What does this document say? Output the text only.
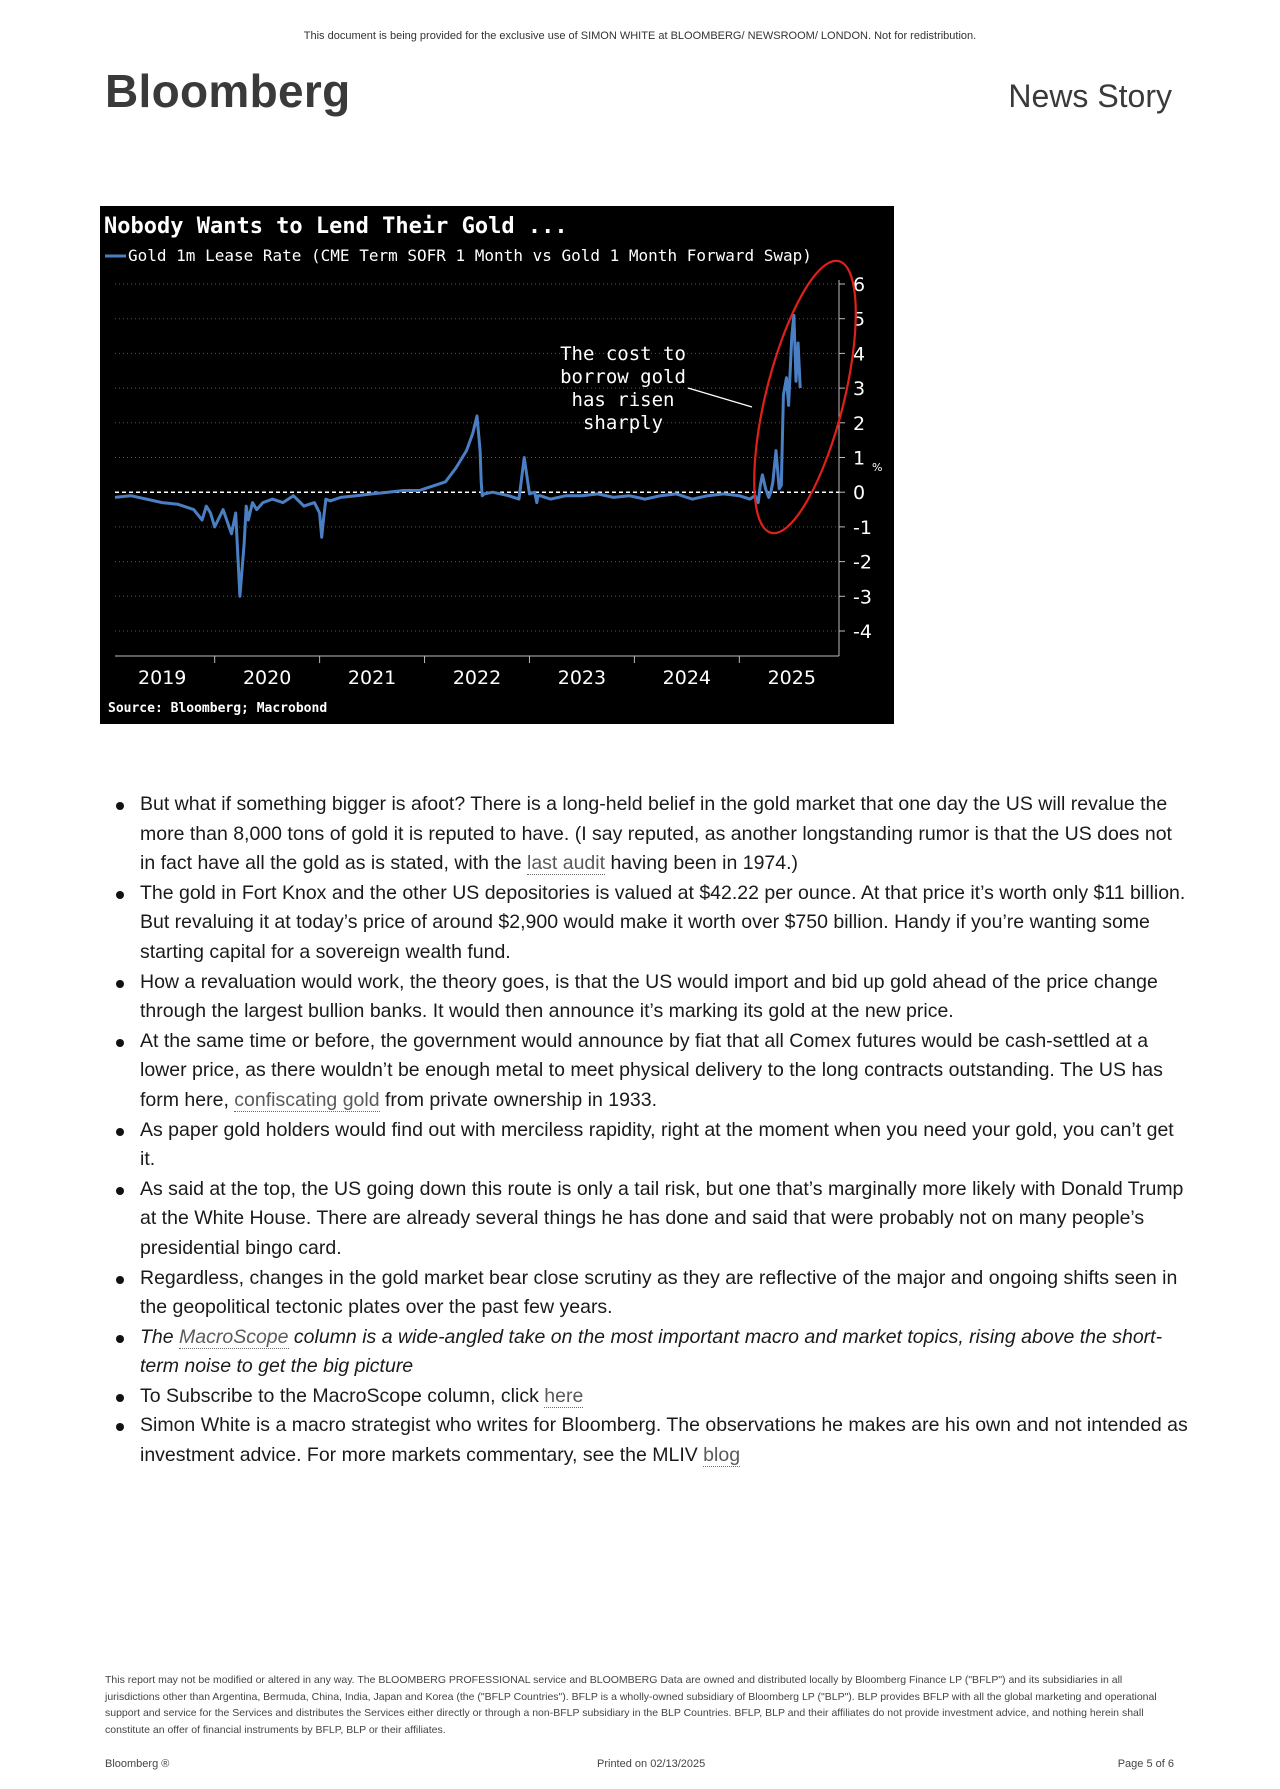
This document is being provided for the exclusive use of SIMON WHITE at BLOOMBERG/ NEWSROOM/ LONDON. Not for redistribution.
Bloomberg	News Story
Nobody Wants to Lend Their Gold ...
Gold 1m Lease Rate (CME Term SOFR 1 Month vs Gold 1 Month Forward Swap)
6
5
4
3
2
1
0
-1
-2
-3
-4
2019	2020	2021	2022	2023	2024	2025
The cost to
borrow gold
has risen
sharply
%
Source: Bloomberg; Macrobond
But what if something bigger is afoot? There is a long-held belief in the gold market that one day the US will revalue the more than 8,000 tons of gold it is reputed to have. (I say reputed, as another longstanding rumor is that the US does not in fact have all the gold as is stated, with the last audit having been in 1974.)
The gold in Fort Knox and the other US depositories is valued at $42.22 per ounce. At that price it’s worth only $11 billion. But revaluing it at today’s price of around $2,900 would make it worth over $750 billion. Handy if you’re wanting some starting capital for a sovereign wealth fund.
How a revaluation would work, the theory goes, is that the US would import and bid up gold ahead of the price change through the largest bullion banks. It would then announce it’s marking its gold at the new price.
At the same time or before, the government would announce by fiat that all Comex futures would be cash-settled at a lower price, as there wouldn’t be enough metal to meet physical delivery to the long contracts outstanding. The US has form here, confiscating gold from private ownership in 1933.
As paper gold holders would find out with merciless rapidity, right at the moment when you need your gold, you can’t get it.
As said at the top, the US going down this route is only a tail risk, but one that’s marginally more likely with Donald Trump at the White House. There are already several things he has done and said that were probably not on many people’s presidential bingo card.
Regardless, changes in the gold market bear close scrutiny as they are reflective of the major and ongoing shifts seen in the geopolitical tectonic plates over the past few years.
The MacroScope column is a wide-angled take on the most important macro and market topics, rising above the short-term noise to get the big picture
To Subscribe to the MacroScope column, click here
Simon White is a macro strategist who writes for Bloomberg. The observations he makes are his own and not intended as investment advice. For more markets commentary, see the MLIV blog
This report may not be modified or altered in any way. The BLOOMBERG PROFESSIONAL service and BLOOMBERG Data are owned and distributed locally by Bloomberg Finance LP ("BFLP") and its subsidiaries in all jurisdictions other than Argentina, Bermuda, China, India, Japan and Korea (the ("BFLP Countries"). BFLP is a wholly-owned subsidiary of Bloomberg LP ("BLP"). BLP provides BFLP with all the global marketing and operational support and service for the Services and distributes the Services either directly or through a non-BFLP subsidiary in the BLP Countries. BFLP, BLP and their affiliates do not provide investment advice, and nothing herein shall constitute an offer of financial instruments by BFLP, BLP or their affiliates.
Bloomberg ®	Printed on 02/13/2025	Page 5 of 6
